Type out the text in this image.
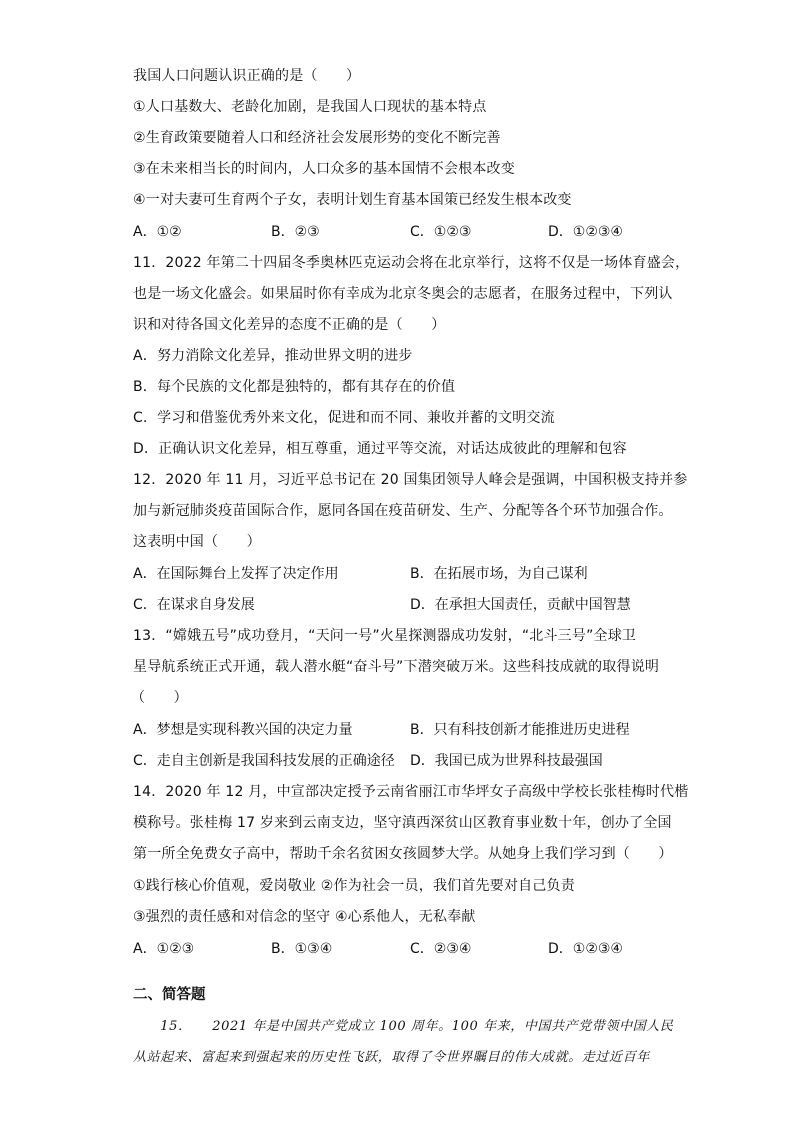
我国人口问题认识正确的是（　　）
①人口基数大、老龄化加剧，是我国人口现状的基本特点
②生育政策要随着人口和经济社会发展形势的变化不断完善
③在未来相当长的时间内，人口众多的基本国情不会根本改变
④一对夫妻可生育两个子女，表明计划生育基本国策已经发生根本改变
A．①②	B．②③	C．①②③	D．①②③④
11．2022 年第二十四届冬季奥林匹克运动会将在北京举行，这将不仅是一场体育盛会，
也是一场文化盛会。如果届时你有幸成为北京冬奥会的志愿者，在服务过程中，下列认
识和对待各国文化差异的态度不正确的是（　　）
A．努力消除文化差异，推动世界文明的进步
B．每个民族的文化都是独特的，都有其存在的价值
C．学习和借鉴优秀外来文化，促进和而不同、兼收并蓄的文明交流
D．正确认识文化差异，相互尊重，通过平等交流，对话达成彼此的理解和包容
12．2020 年 11 月，习近平总书记在 20 国集团领导人峰会是强调，中国积极支持并参
加与新冠肺炎疫苗国际合作，愿同各国在疫苗研发、生产、分配等各个环节加强合作。
这表明中国（　　）
A．在国际舞台上发挥了决定作用	B．在拓展市场，为自己谋利
C．在谋求自身发展	D．在承担大国责任，贡献中国智慧
13．“嫦娥五号”成功登月，“天问一号”火星探测器成功发射，“北斗三号”全球卫
星导航系统正式开通，载人潜水艇“奋斗号”下潜突破万米。这些科技成就的取得说明
（　　）
A．梦想是实现科教兴国的决定力量	B．只有科技创新才能推进历史进程
C．走自主创新是我国科技发展的正确途径 D．我国已成为世界科技最强国
14．2020 年 12 月，中宣部决定授予云南省丽江市华坪女子高级中学校长张桂梅时代楷
模称号。张桂梅 17 岁来到云南支边，坚守滇西深贫山区教育事业数十年，创办了全国
第一所全免费女子高中，帮助千余名贫困女孩圆梦大学。从她身上我们学习到（　　）
①践行核心价值观，爱岗敬业 ②作为社会一员，我们首先要对自己负责
③强烈的责任感和对信念的坚守 ④心系他人，无私奉献
A．①②③	B．①③④	C．②③④	D．①②③④
二、简答题
　　15．　　2021 年是中国共产党成立 100 周年。100 年来，中国共产党带领中国人民
从站起来、富起来到强起来的历史性飞跃，取得了令世界瞩目的伟大成就。走过近百年
